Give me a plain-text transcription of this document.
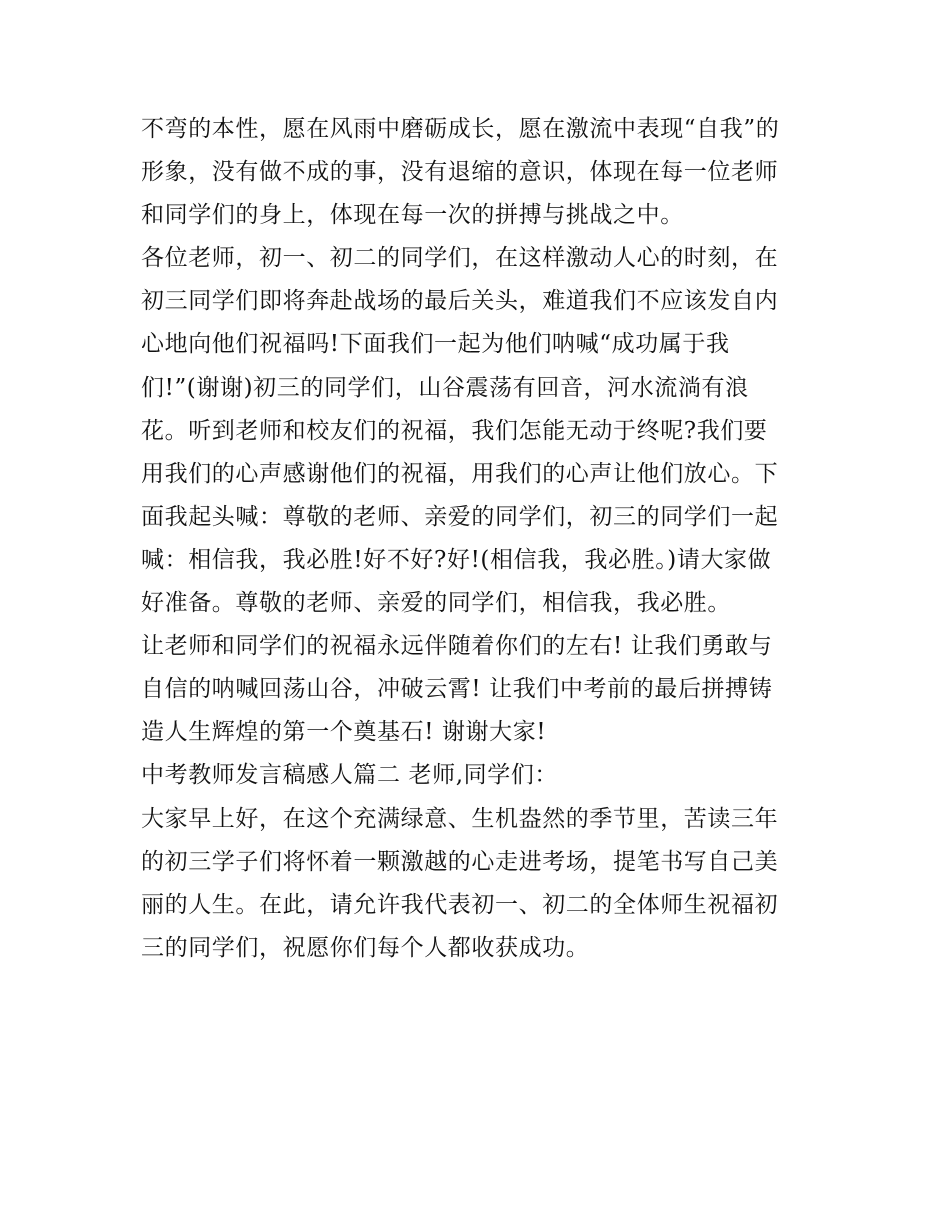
不弯的本性，愿在风雨中磨砺成长，愿在激流中表现“自我”的
形象，没有做不成的事，没有退缩的意识，体现在每一位老师
和同学们的身上，体现在每一次的拼搏与挑战之中。
各位老师，初一、初二的同学们，在这样激动人心的时刻，在
初三同学们即将奔赴战场的最后关头，难道我们不应该发自内
心地向他们祝福吗!下面我们一起为他们呐喊“成功属于我
们!”(谢谢)初三的同学们，山谷震荡有回音，河水流淌有浪
花。听到老师和校友们的祝福，我们怎能无动于终呢?我们要
用我们的心声感谢他们的祝福，用我们的心声让他们放心。下
面我起头喊：尊敬的老师、亲爱的同学们，初三的同学们一起
喊：相信我，我必胜!好不好?好!(相信我，我必胜。)请大家做
好准备。尊敬的老师、亲爱的同学们，相信我，我必胜。
让老师和同学们的祝福永远伴随着你们的左右! 让我们勇敢与
自信的呐喊回荡山谷，冲破云霄! 让我们中考前的最后拼搏铸
造人生辉煌的第一个奠基石! 谢谢大家!
中考教师发言稿感人篇二 老师,同学们：
大家早上好，在这个充满绿意、生机盎然的季节里，苦读三年
的初三学子们将怀着一颗激越的心走进考场，提笔书写自己美
丽的人生。在此，请允许我代表初一、初二的全体师生祝福初
三的同学们，祝愿你们每个人都收获成功。
